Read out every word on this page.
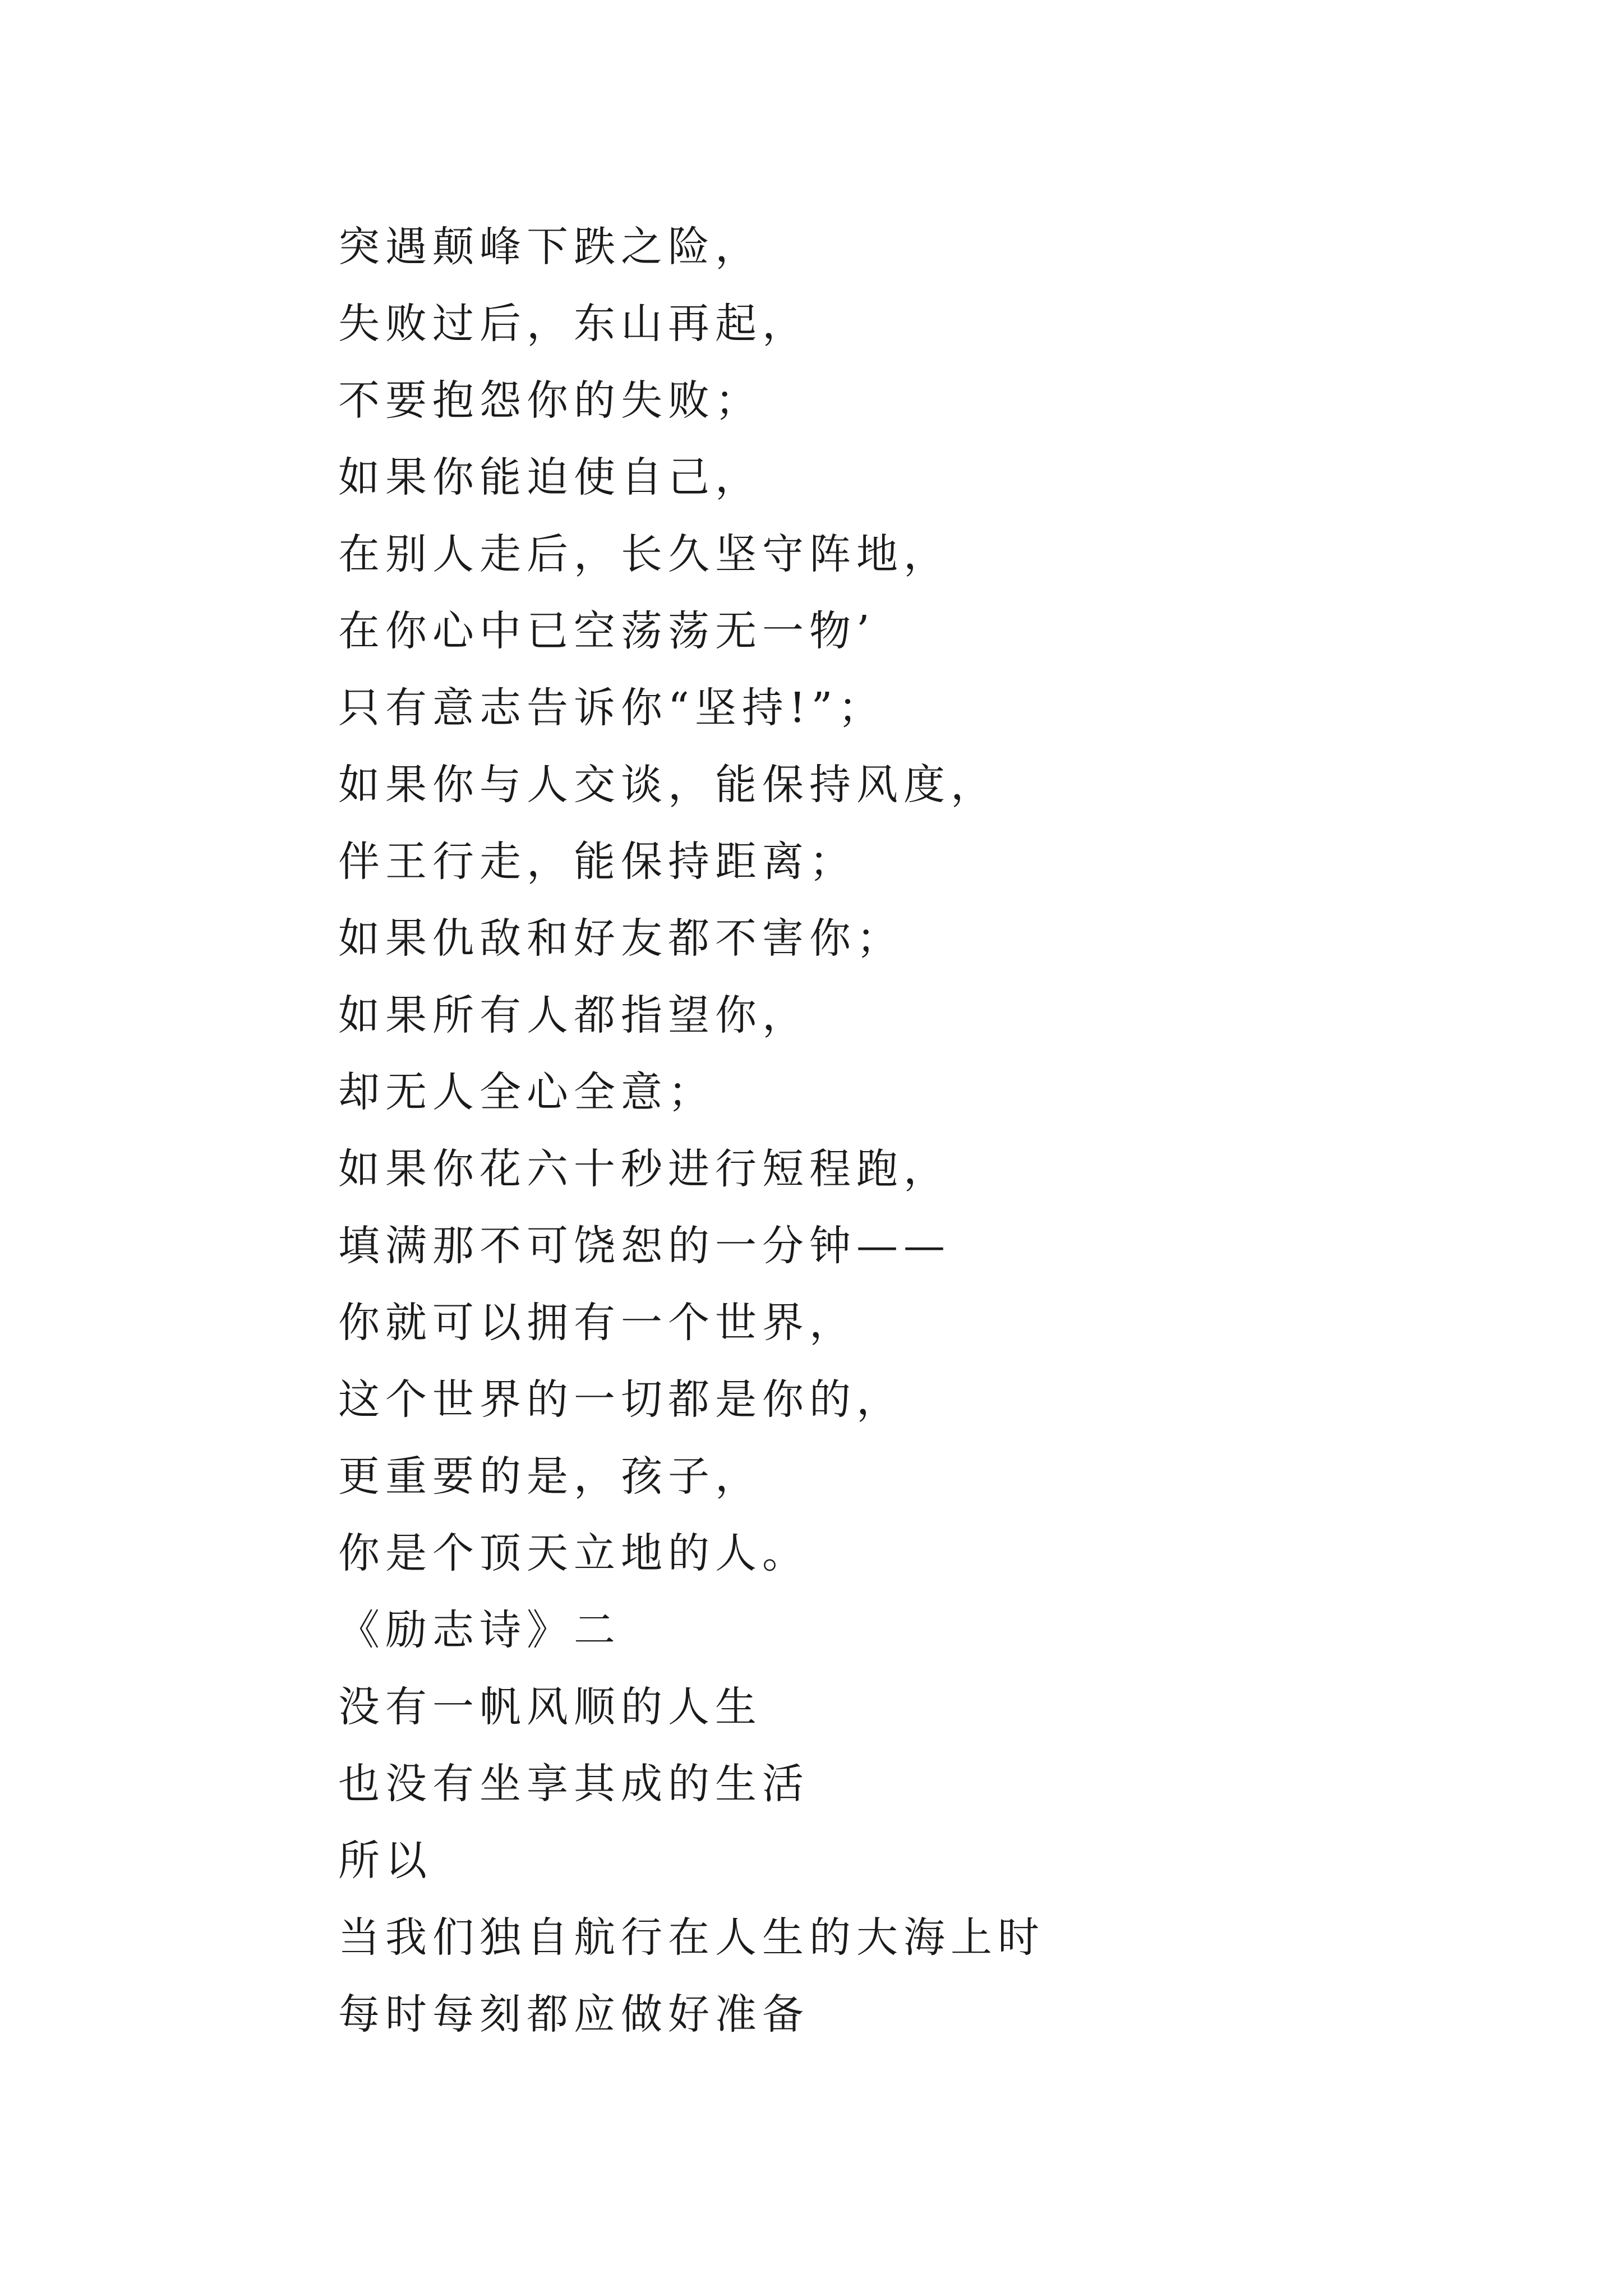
突遇颠峰下跌之险，
失败过后，东山再起，
不要抱怨你的失败；
如果你能迫使自己，
在别人走后，长久坚守阵地，
在你心中已空荡荡无一物’
只有意志告诉你“坚持!”；
如果你与人交谈，能保持风度，
伴王行走，能保持距离；
如果仇敌和好友都不害你；
如果所有人都指望你，
却无人全心全意；
如果你花六十秒进行短程跑，
填满那不可饶恕的一分钟——
你就可以拥有一个世界，
这个世界的一切都是你的，
更重要的是，孩子，
你是个顶天立地的人。
《励志诗》二
没有一帆风顺的人生
也没有坐享其成的生活
所以
当我们独自航行在人生的大海上时
每时每刻都应做好准备
